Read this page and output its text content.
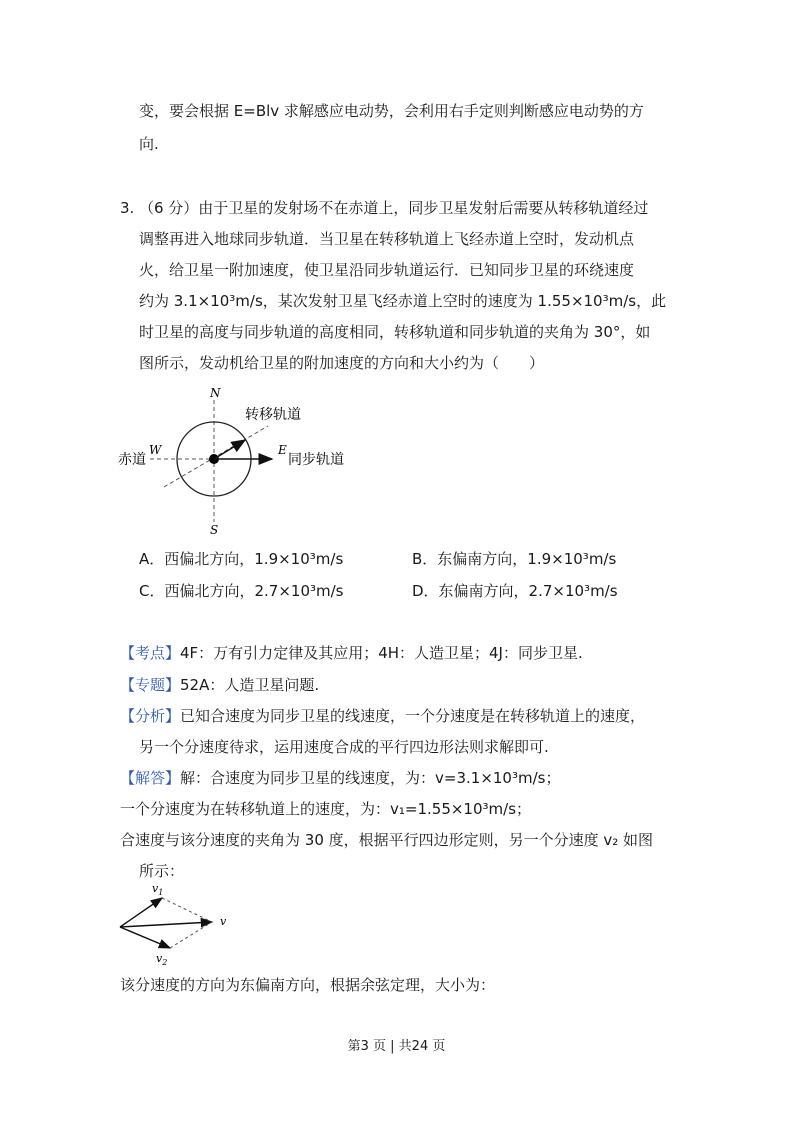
变，要会根据 E=Blv 求解感应电动势，会利用右手定则判断感应电动势的方
向.
3. （6 分）由于卫星的发射场不在赤道上，同步卫星发射后需要从转移轨道经过
调整再进入地球同步轨道．当卫星在转移轨道上飞经赤道上空时，发动机点
火，给卫星一附加速度，使卫星沿同步轨道运行．已知同步卫星的环绕速度
约为 3.1×10³m/s，某次发射卫星飞经赤道上空时的速度为 1.55×10³m/s，此
时卫星的高度与同步轨道的高度相同，转移轨道和同步轨道的夹角为 30°，如
图所示，发动机给卫星的附加速度的方向和大小约为（　　）
N
S
W	E
赤道
转移轨道
同步轨道
A．西偏北方向，1.9×10³m/s	B．东偏南方向，1.9×10³m/s
C．西偏北方向，2.7×10³m/s	D．东偏南方向，2.7×10³m/s
【考点】4F：万有引力定律及其应用；4H：人造卫星；4J：同步卫星.
【专题】52A：人造卫星问题.
【分析】已知合速度为同步卫星的线速度，一个分速度是在转移轨道上的速度，
另一个分速度待求，运用速度合成的平行四边形法则求解即可.
【解答】解：合速度为同步卫星的线速度，为：v=3.1×10³m/s；
一个分速度为在转移轨道上的速度，为：v₁=1.55×10³m/s；
合速度与该分速度的夹角为 30 度，根据平行四边形定则，另一个分速度 v₂ 如图
所示：
$v_1$
v
$v_2$
该分速度的方向为东偏南方向，根据余弦定理，大小为：
第3 页 | 共24 页
